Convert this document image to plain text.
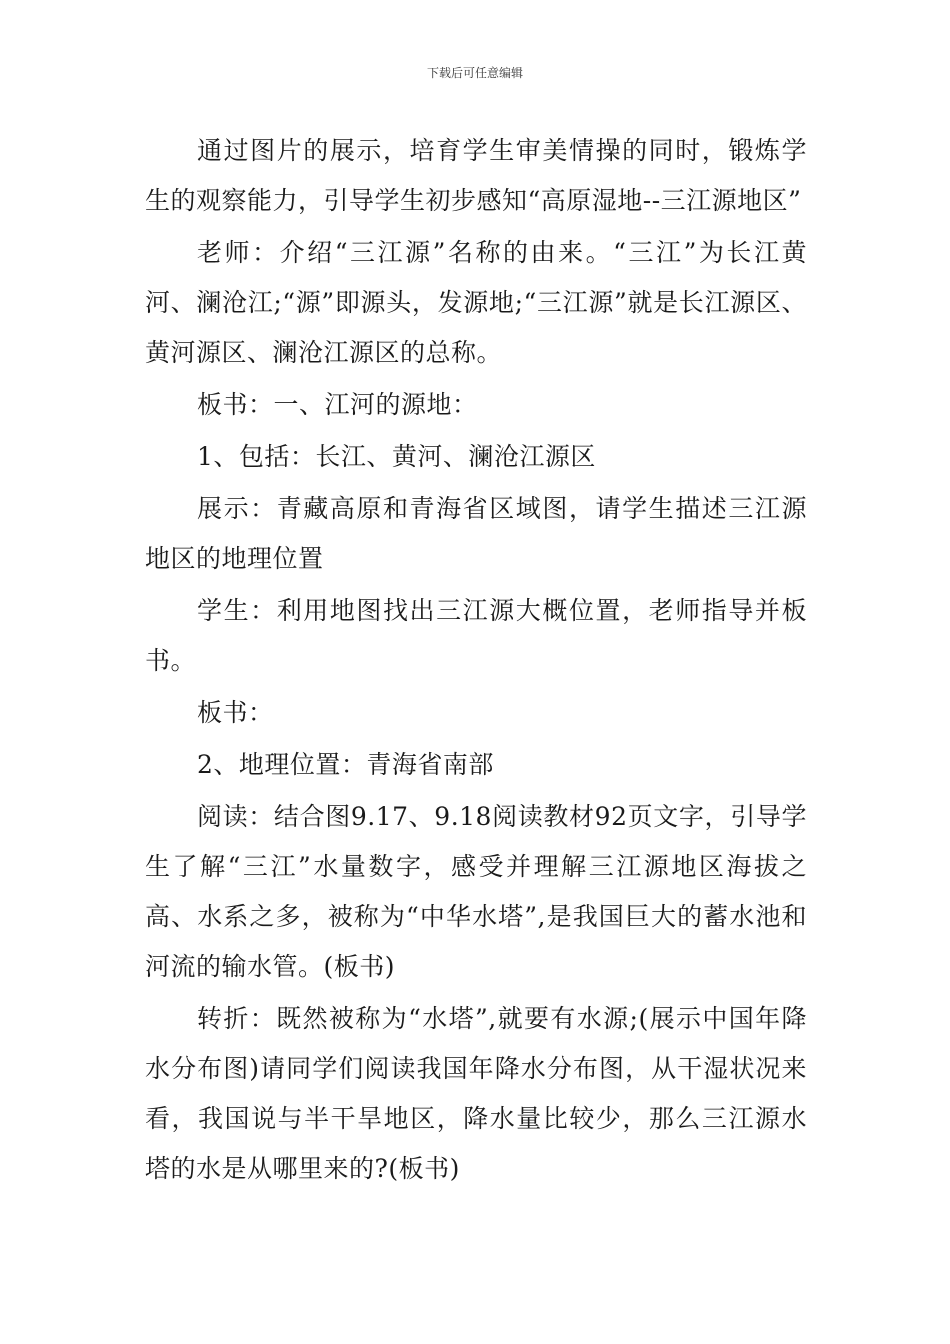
下载后可任意编辑

通过图片的展示，培育学生审美情操的同时，锻炼学生的观察能力，引导学生初步感知“高原湿地--三江源地区”

老师：介绍“三江源”名称的由来。“三江”为长江黄河、澜沧江;“源”即源头，发源地;“三江源”就是长江源区、黄河源区、澜沧江源区的总称。

板书：一、江河的源地：

1、包括：长江、黄河、澜沧江源区

展示：青藏高原和青海省区域图，请学生描述三江源地区的地理位置

学生：利用地图找出三江源大概位置，老师指导并板书。

板书：

2、地理位置：青海省南部

阅读：结合图9.17、9.18阅读教材92页文字，引导学生了解“三江”水量数字，感受并理解三江源地区海拔之高、水系之多，被称为“中华水塔”,是我国巨大的蓄水池和河流的输水管。(板书)

转折：既然被称为“水塔”,就要有水源;(展示中国年降水分布图)请同学们阅读我国年降水分布图，从干湿状况来看，我国说与半干旱地区，降水量比较少，那么三江源水塔的水是从哪里来的?(板书)
